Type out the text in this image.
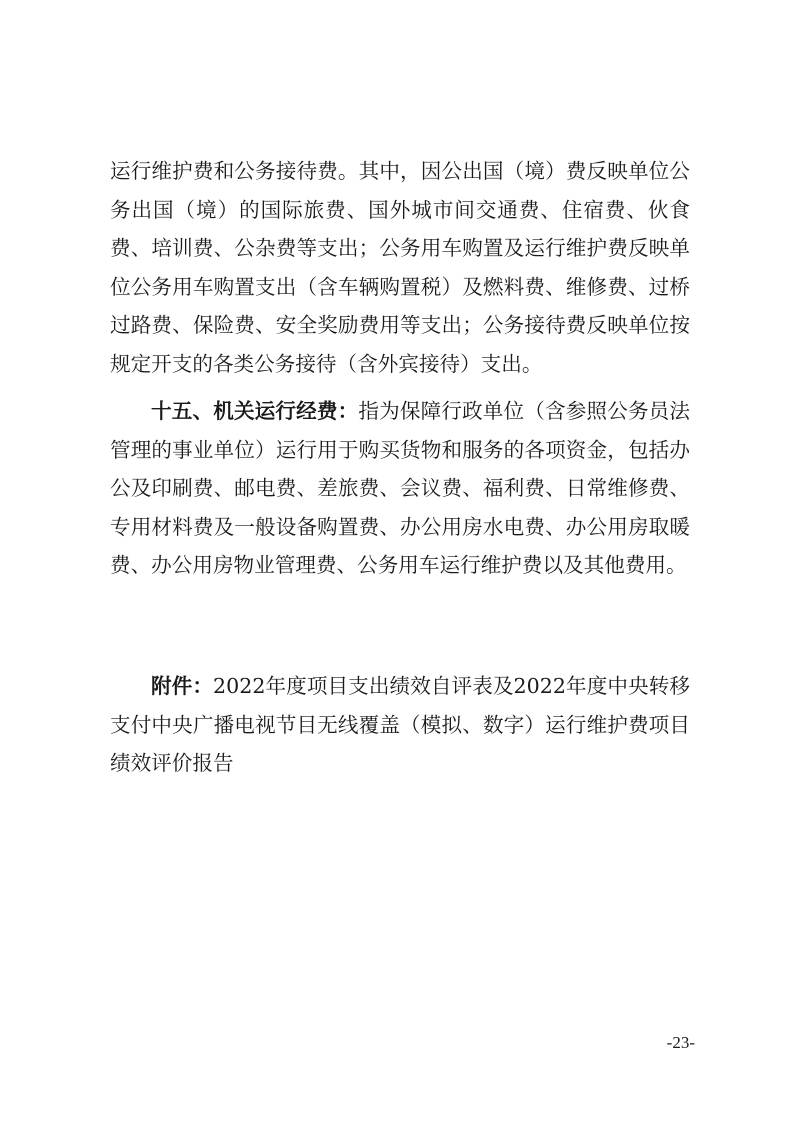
运行维护费和公务接待费。其中，因公出国（境）费反映单位公务出国（境）的国际旅费、国外城市间交通费、住宿费、伙食费、培训费、公杂费等支出；公务用车购置及运行维护费反映单位公务用车购置支出（含车辆购置税）及燃料费、维修费、过桥过路费、保险费、安全奖励费用等支出；公务接待费反映单位按规定开支的各类公务接待（含外宾接待）支出。

十五、机关运行经费：指为保障行政单位（含参照公务员法管理的事业单位）运行用于购买货物和服务的各项资金，包括办公及印刷费、邮电费、差旅费、会议费、福利费、日常维修费、专用材料费及一般设备购置费、办公用房水电费、办公用房取暖费、办公用房物业管理费、公务用车运行维护费以及其他费用。

附件：2022年度项目支出绩效自评表及2022年度中央转移支付中央广播电视节目无线覆盖（模拟、数字）运行维护费项目绩效评价报告

-23-
